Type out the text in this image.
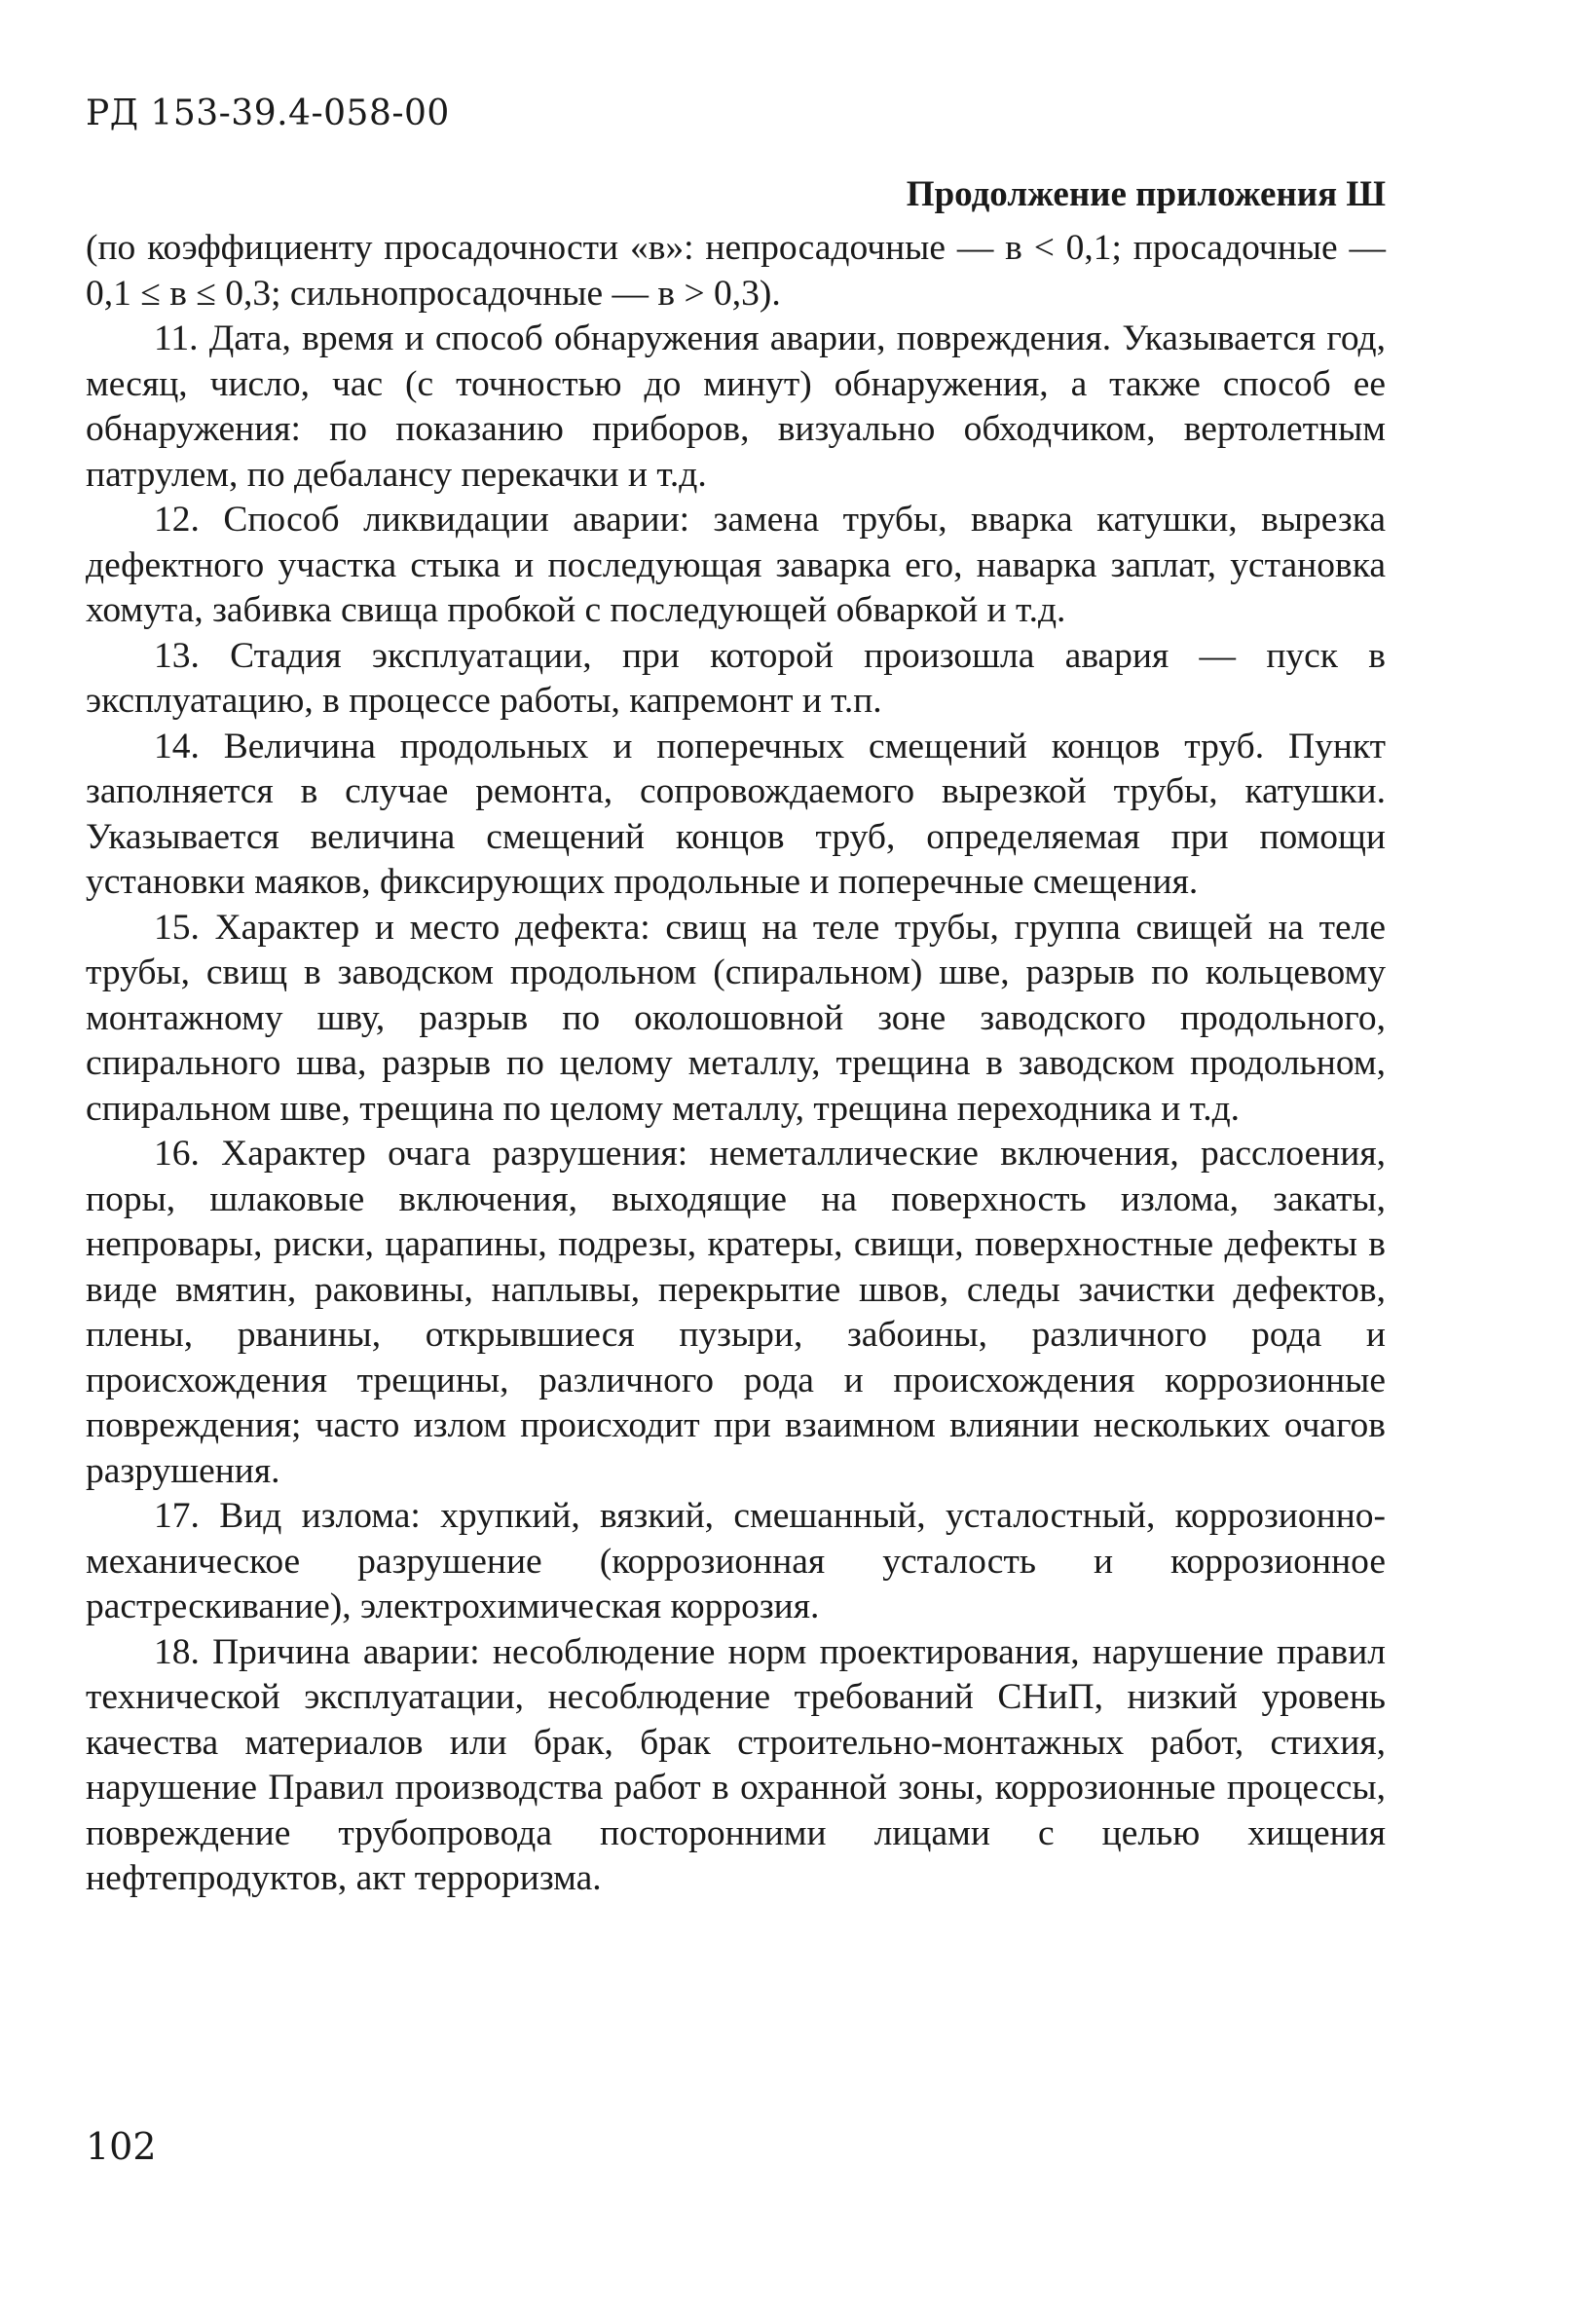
РД 153-39.4-058-00
Продолжение приложения Ш

(по коэффициенту просадочности «в»: непросадочные — в < 0,1; просадочные — 0,1 ≤ в ≤ 0,3; сильнопросадочные — в > 0,3).

11. Дата, время и способ обнаружения аварии, повреждения. Указывается год, месяц, число, час (с точностью до минут) обнаружения, а также способ ее обнаружения: по показанию приборов, визуально обходчиком, вертолетным патрулем, по дебалансу перекачки и т.д.

12. Способ ликвидации аварии: замена трубы, вварка катушки, вырезка дефектного участка стыка и последующая заварка его, наварка заплат, установка хомута, забивка свища пробкой с последующей обваркой и т.д.

13. Стадия эксплуатации, при которой произошла авария — пуск в эксплуатацию, в процессе работы, капремонт и т.п.

14. Величина продольных и поперечных смещений концов труб. Пункт заполняется в случае ремонта, сопровождаемого вырезкой трубы, катушки. Указывается величина смещений концов труб, определяемая при помощи установки маяков, фиксирующих продольные и поперечные смещения.

15. Характер и место дефекта: свищ на теле трубы, группа свищей на теле трубы, свищ в заводском продольном (спиральном) шве, разрыв по кольцевому монтажному шву, разрыв по околошовной зоне заводского продольного, спирального шва, разрыв по целому металлу, трещина в заводском продольном, спиральном шве, трещина по целому металлу, трещина переходника и т.д.

16. Характер очага разрушения: неметаллические включения, расслоения, поры, шлаковые включения, выходящие на поверхность излома, закаты, непровары, риски, царапины, подрезы, кратеры, свищи, поверхностные дефекты в виде вмятин, раковины, наплывы, перекрытие швов, следы зачистки дефектов, плены, рванины, открывшиеся пузыри, забоины, различного рода и происхождения трещины, различного рода и происхождения коррозионные повреждения; часто излом происходит при взаимном влиянии нескольких очагов разрушения.

17. Вид излома: хрупкий, вязкий, смешанный, усталостный, коррозионно-механическое разрушение (коррозионная усталость и коррозионное растрескивание), электрохимическая коррозия.

18. Причина аварии: несоблюдение норм проектирования, нарушение правил технической эксплуатации, несоблюдение требований СНиП, низкий уровень качества материалов или брак, брак строительно-монтажных работ, стихия, нарушение Правил производства работ в охранной зоны, коррозионные процессы, повреждение трубопровода посторонними лицами с целью хищения нефтепродуктов, акт терроризма.

102
